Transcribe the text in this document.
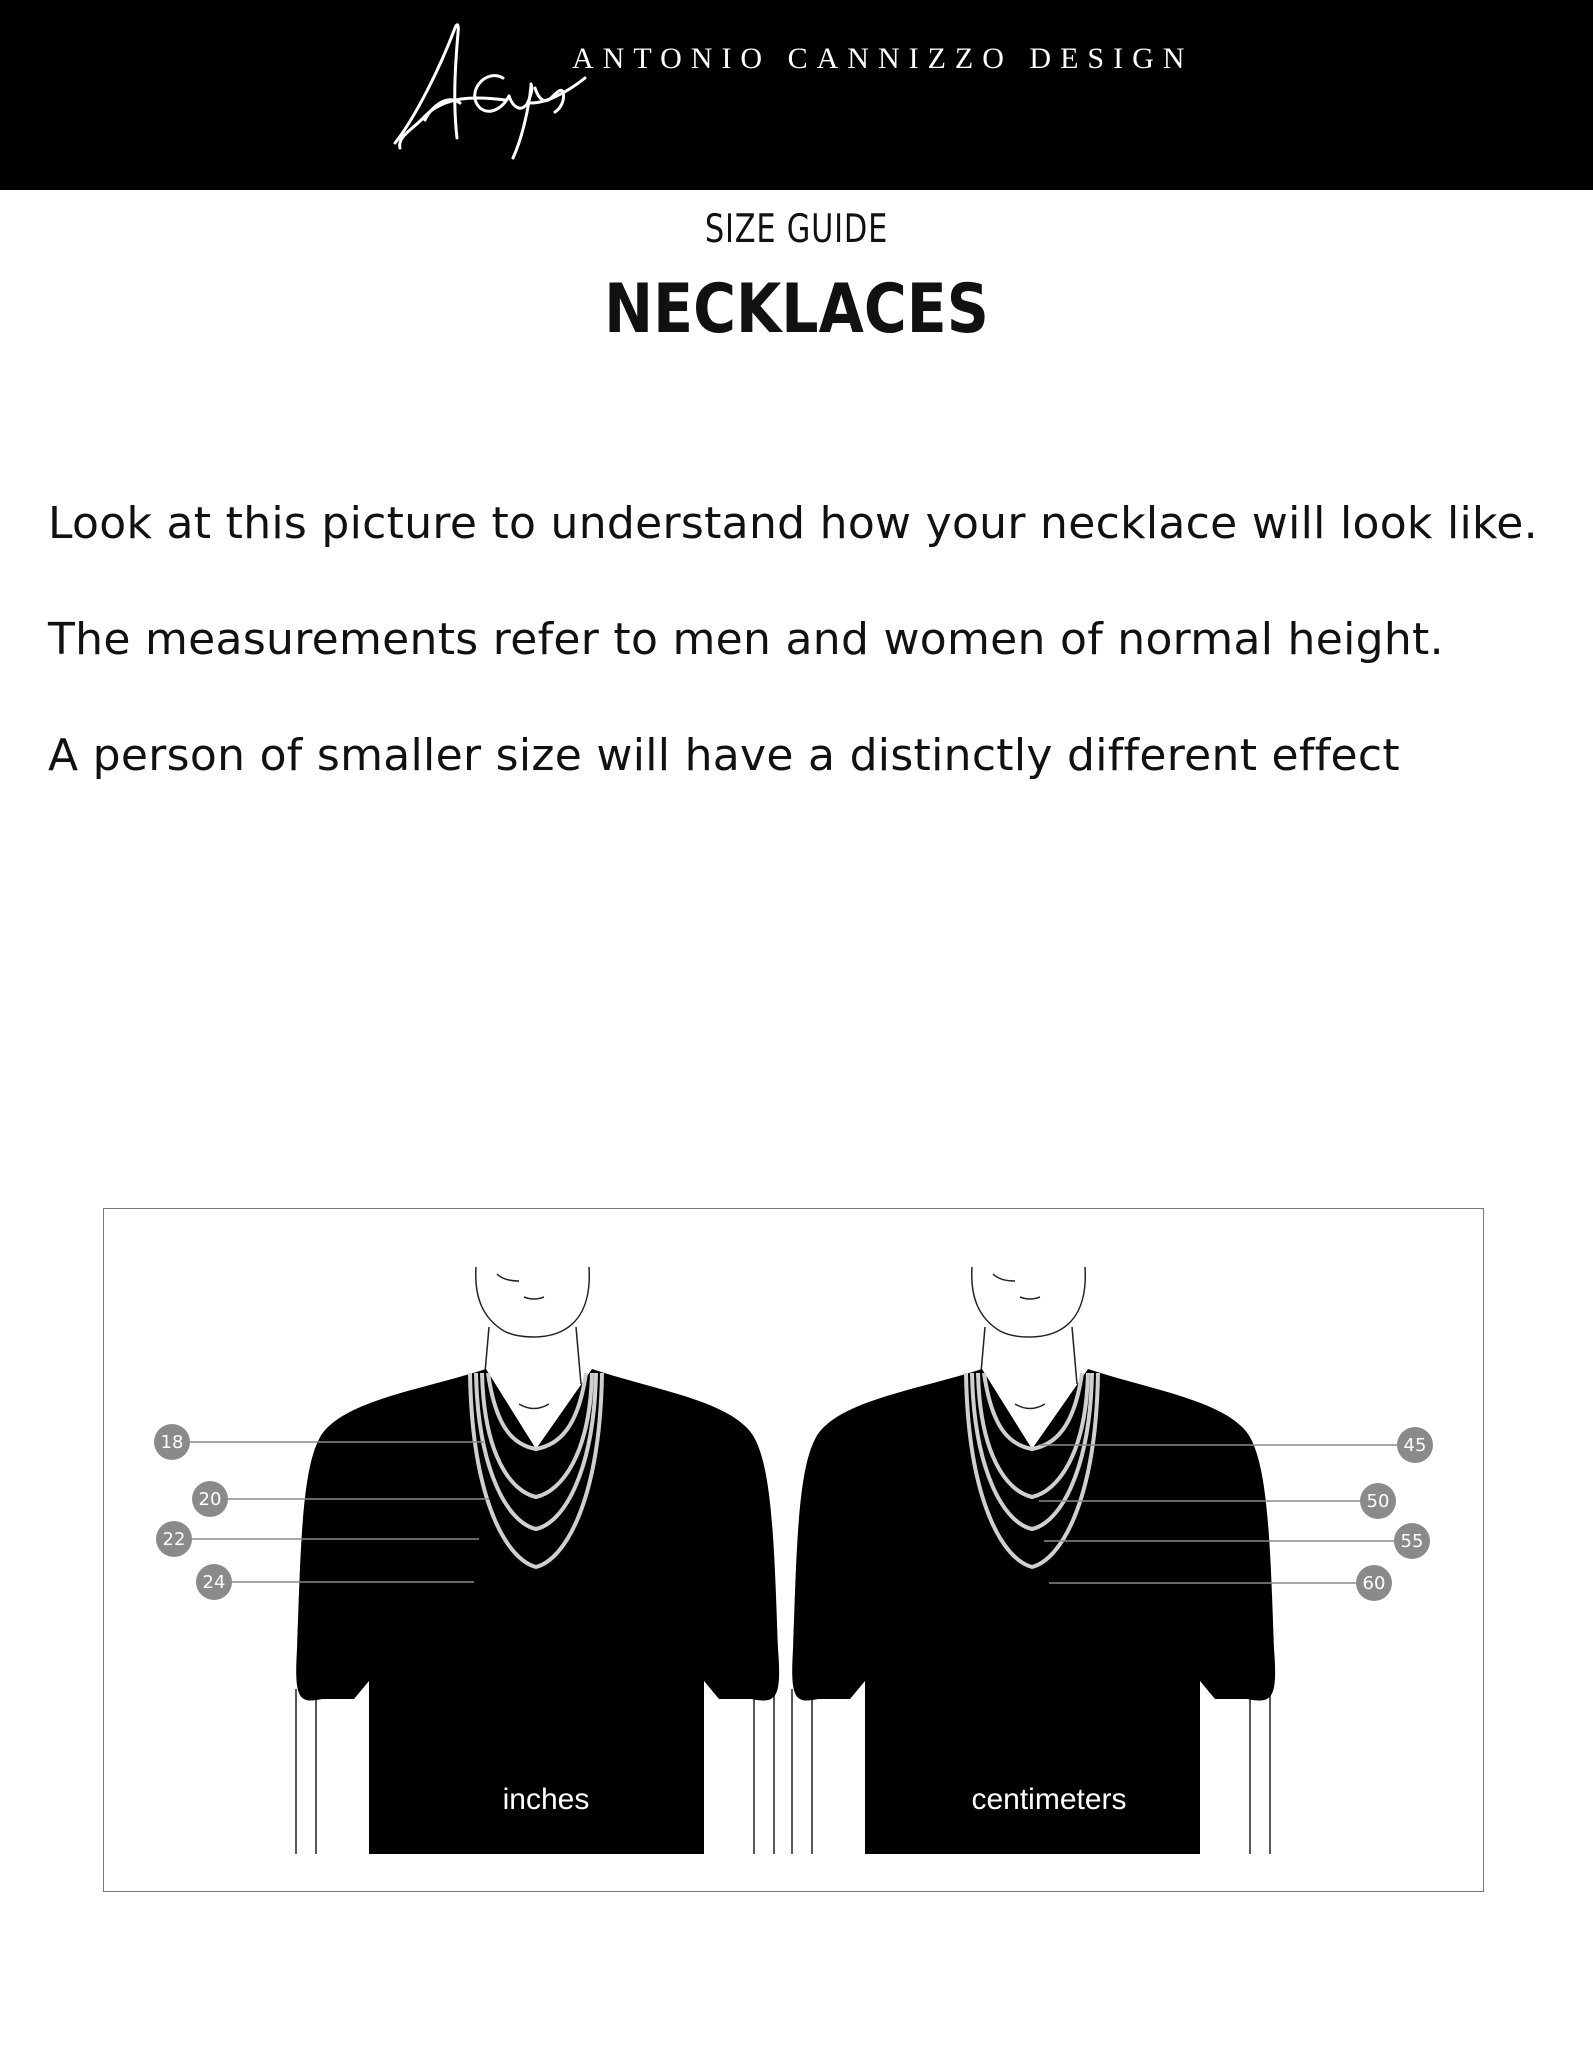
ANTONIO CANNIZZO DESIGN
SIZE GUIDE
NECKLACES
Look at this picture to understand how your necklace will look like.
The measurements refer to men and women of normal height.
A person of smaller size will have a distinctly different effect
inches	centimeters
18
20
22
24
45
50
55
60
